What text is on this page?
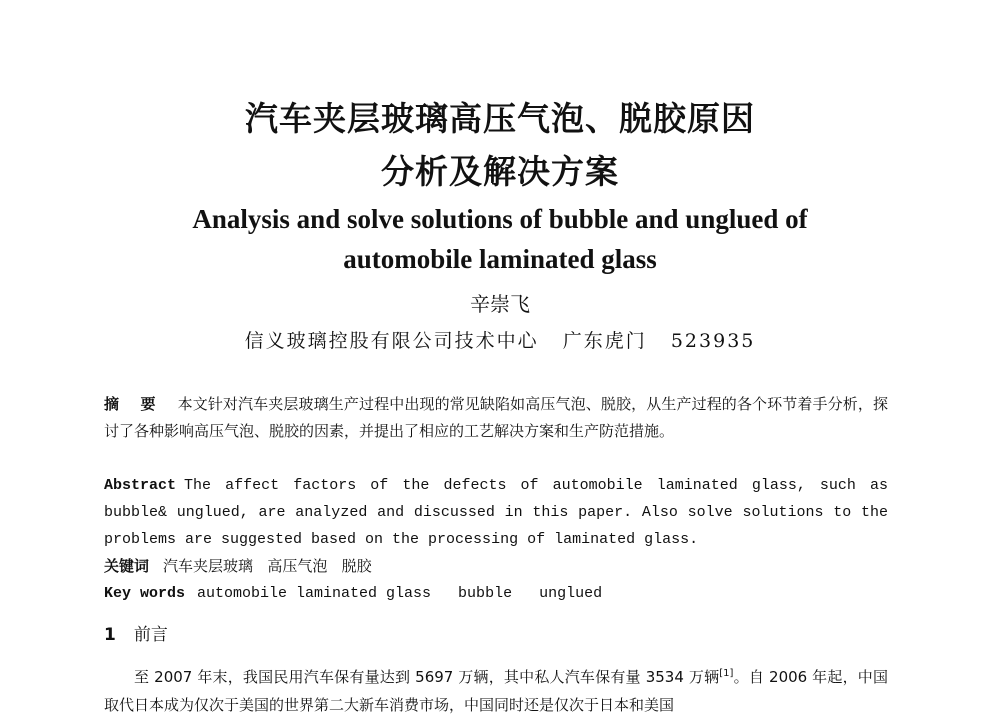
汽车夹层玻璃高压气泡、脱胶原因
分析及解决方案
Analysis and solve solutions of bubble and unglued of
automobile laminated glass
辛崇飞
信义玻璃控股有限公司技术中心   广东虎门   523935
摘 要 本文针对汽车夹层玻璃生产过程中出现的常见缺陷如高压气泡、脱胶，从生产过程的各个环节着手分析，探讨了各种影响高压气泡、脱胶的因素，并提出了相应的工艺解决方案和生产防范措施。
Abstract The affect factors of the defects of automobile laminated glass, such as bubble& unglued, are analyzed and discussed in this paper. Also solve solutions to the problems are suggested based on the processing of laminated glass.
关键词 汽车夹层玻璃   高压气泡   脱胶
Key words automobile laminated glass   bubble   unglued
1 前言
至 2007 年末，我国民用汽车保有量达到 5697 万辆，其中私人汽车保有量 3534 万辆[1]。自 2006 年起，中国取代日本成为仅次于美国的世界第二大新车消费市场，中国同时还是仅次于日本和美国
